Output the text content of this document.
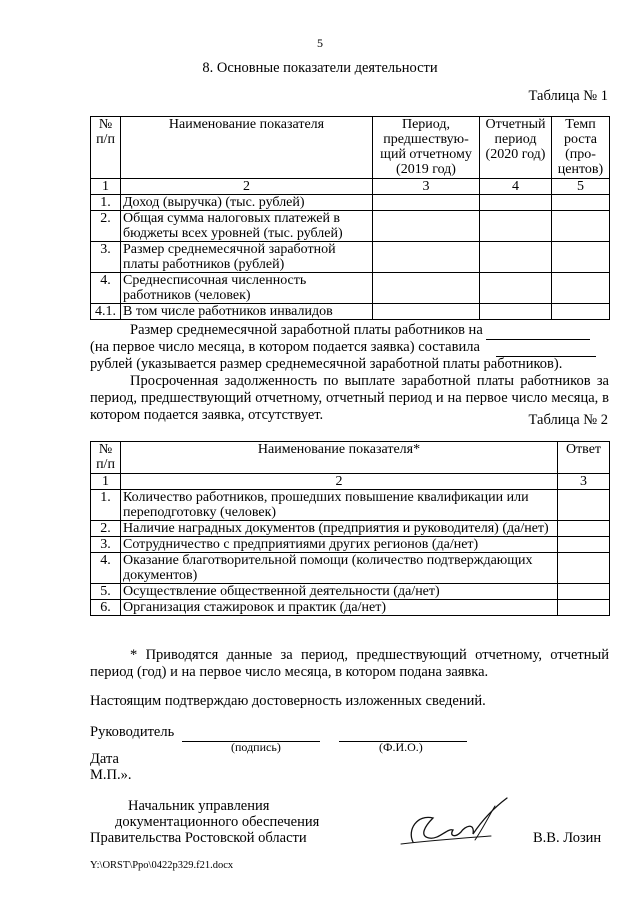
5
8. Основные показатели деятельности
Таблица № 1
№ п/п	Наименование показателя	Период, предшествую-щий отчетному (2019 год)	Отчетный период (2020 год)	Темп роста (про-центов)
1	2	3	4	5
1.	Доход (выручка) (тыс. рублей)			
2.	Общая сумма налоговых платежей в бюджеты всех уровней (тыс. рублей)			
3.	Размер среднемесячной заработной платы работников (рублей)			
4.	Среднесписочная численность работников (человек)			
4.1.	В том числе работников инвалидов			
Размер среднемесячной заработной платы работников на
(на первое число месяца, в котором подается заявка) составила
рублей (указывается размер среднемесячной заработной платы работников).
Просроченная задолженность по выплате заработной платы работников за период, предшествующий отчетному, отчетный период и на первое число месяца, в котором подается заявка, отсутствует.	Таблица № 2
№ п/п	Наименование показателя*	Ответ
1	2	3
1.	Количество работников, прошедших повышение квалификации или переподготовку (человек)	
2.	Наличие наградных документов (предприятия и руководителя) (да/нет)	
3.	Сотрудничество с предприятиями других регионов (да/нет)	
4.	Оказание благотворительной помощи (количество подтверждающих документов)	
5.	Осуществление общественной деятельности (да/нет)	
6.	Организация стажировок и практик (да/нет)	
* Приводятся данные за период, предшествующий отчетному, отчетный период (год) и на первое число месяца, в котором подана заявка.
Настоящим подтверждаю достоверность изложенных сведений.
Руководитель
(подпись)	(Ф.И.О.)
Дата
М.П.».
Начальник управления
документационного обеспечения
Правительства Ростовской области	В.В. Лозин
Y:\ORST\Ppo\0422p329.f21.docx
